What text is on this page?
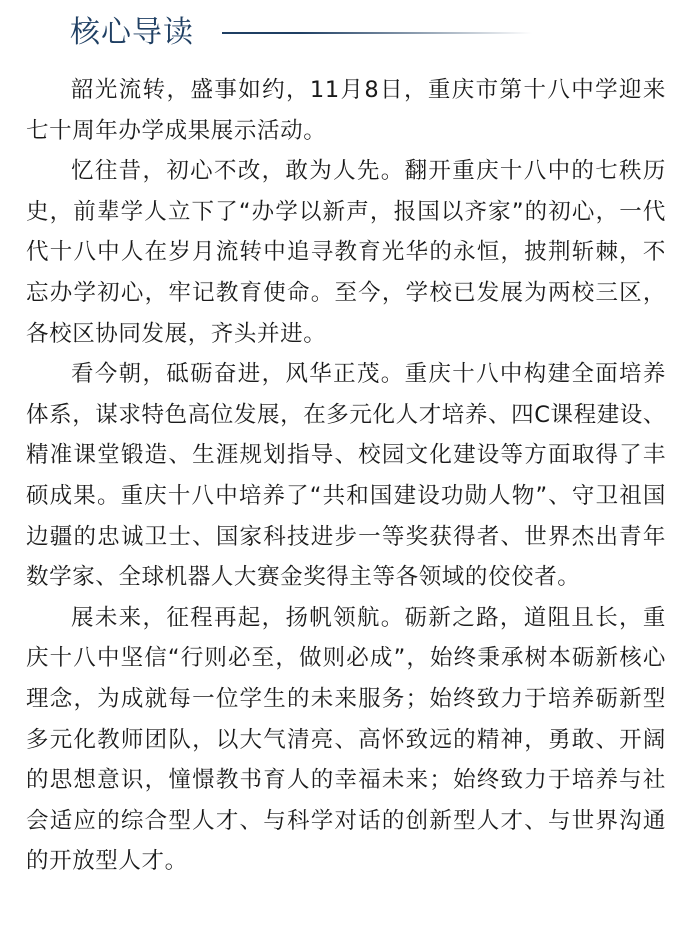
核心导读

韶光流转，盛事如约，11月8日，重庆市第十八中学迎来七十周年办学成果展示活动。

忆往昔，初心不改，敢为人先。翻开重庆十八中的七秩历史，前辈学人立下了“办学以新声，报国以齐家”的初心，一代代十八中人在岁月流转中追寻教育光华的永恒，披荆斩棘，不忘办学初心，牢记教育使命。至今，学校已发展为两校三区，各校区协同发展，齐头并进。

看今朝，砥砺奋进，风华正茂。重庆十八中构建全面培养体系，谋求特色高位发展，在多元化人才培养、四C课程建设、精准课堂锻造、生涯规划指导、校园文化建设等方面取得了丰硕成果。重庆十八中培养了“共和国建设功勋人物”、守卫祖国边疆的忠诚卫士、国家科技进步一等奖获得者、世界杰出青年数学家、全球机器人大赛金奖得主等各领域的佼佼者。

展未来，征程再起，扬帆领航。砺新之路，道阻且长，重庆十八中坚信“行则必至，做则必成”，始终秉承树本砺新核心理念，为成就每一位学生的未来服务；始终致力于培养砺新型多元化教师团队，以大气清亮、高怀致远的精神，勇敢、开阔的思想意识，憧憬教书育人的幸福未来；始终致力于培养与社会适应的综合型人才、与科学对话的创新型人才、与世界沟通的开放型人才。
